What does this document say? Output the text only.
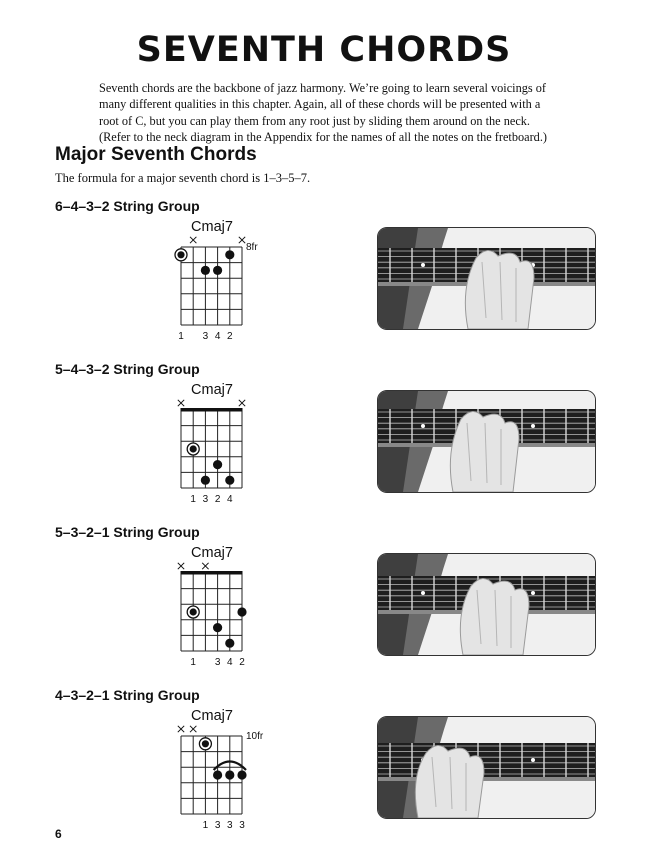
SEVENTH CHORDS

Seventh chords are the backbone of jazz harmony. We’re going to learn several voicings of many different qualities in this chapter. Again, all of these chords will be presented with a root of C, but you can play them from any root just by sliding them around on the neck. (Refer to the neck diagram in the Appendix for the names of all the notes on the fretboard.)

Major Seventh Chords

The formula for a major seventh chord is 1–3–5–7.

6–4–3–2 String Group
Cmaj7
8fr
1	3 4 2
5–4–3–2 String Group
Cmaj7
1 3 2 4
5–3–2–1 String Group
Cmaj7
1	3 4 2
4–3–2–1 String Group
Cmaj7
10fr
1 3 3 3
6
